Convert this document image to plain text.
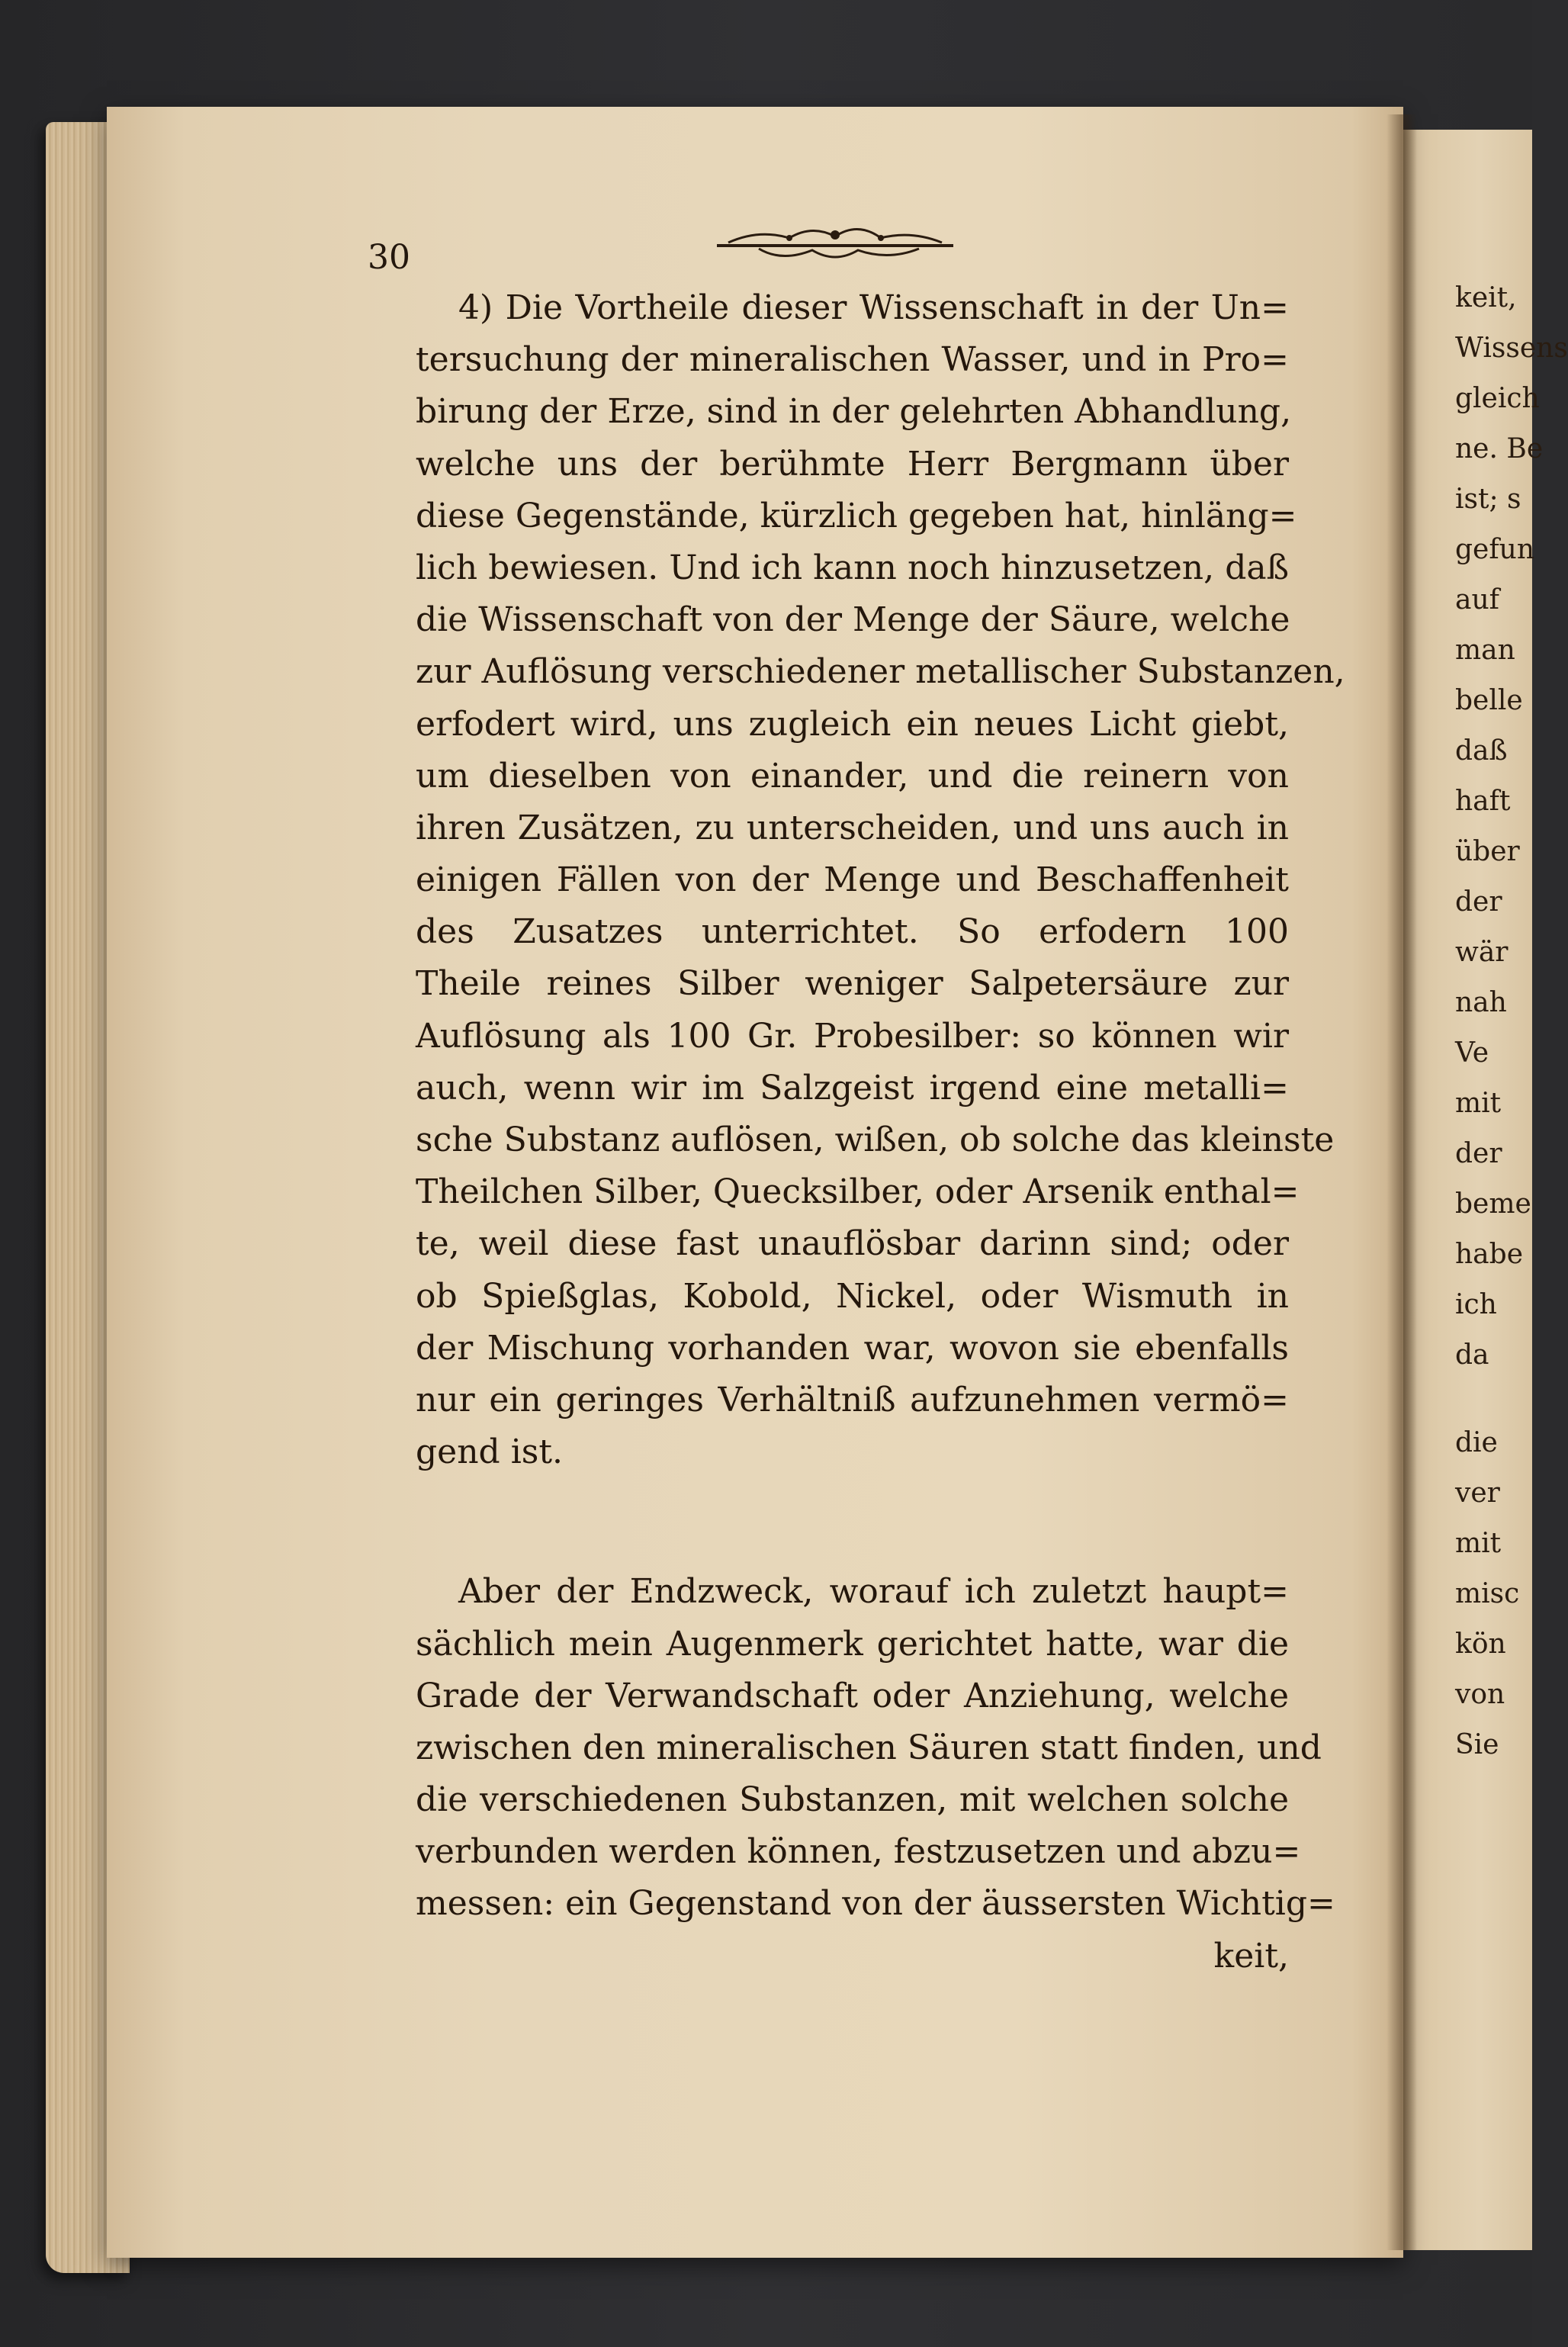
30
4) Die Vortheile dieser Wissenschaft in der Un=
tersuchung der mineralischen Wasser, und in Pro=
birung der Erze, sind in der gelehrten Abhandlung,
welche uns der berühmte Herr Bergmann über
diese Gegenstände, kürzlich gegeben hat, hinläng=
lich bewiesen. Und ich kann noch hinzusetzen, daß
die Wissenschaft von der Menge der Säure, welche
zur Auflösung verschiedener metallischer Substanzen,
erfodert wird, uns zugleich ein neues Licht giebt,
um dieselben von einander, und die reinern von
ihren Zusätzen, zu unterscheiden, und uns auch in
einigen Fällen von der Menge und Beschaffenheit
des Zusatzes unterrichtet. So erfodern 100
Theile reines Silber weniger Salpetersäure zur
Auflösung als 100 Gr. Probesilber: so können wir
auch, wenn wir im Salzgeist irgend eine metalli=
sche Substanz auflösen, wißen, ob solche das kleinste
Theilchen Silber, Quecksilber, oder Arsenik enthal=
te, weil diese fast unauflösbar darinn sind; oder
ob Spießglas, Kobold, Nickel, oder Wismuth in
der Mischung vorhanden war, wovon sie ebenfalls
nur ein geringes Verhältniß aufzunehmen vermö=
gend ist.
Aber der Endzweck, worauf ich zuletzt haupt=
sächlich mein Augenmerk gerichtet hatte, war die
Grade der Verwandschaft oder Anziehung, welche
zwischen den mineralischen Säuren statt finden, und
die verschiedenen Substanzen, mit welchen solche
verbunden werden können, festzusetzen und abzu=
messen: ein Gegenstand von der äussersten Wichtig=
keit,
keit,
Wissens
gleich
ne. Be
ist; s
gefun
auf
man
belle
daß
haft
über
der
wär
nah
Ve
mit
der
beme
habe
ich
da
die
ver
mit
misc
kön
von
Sie
